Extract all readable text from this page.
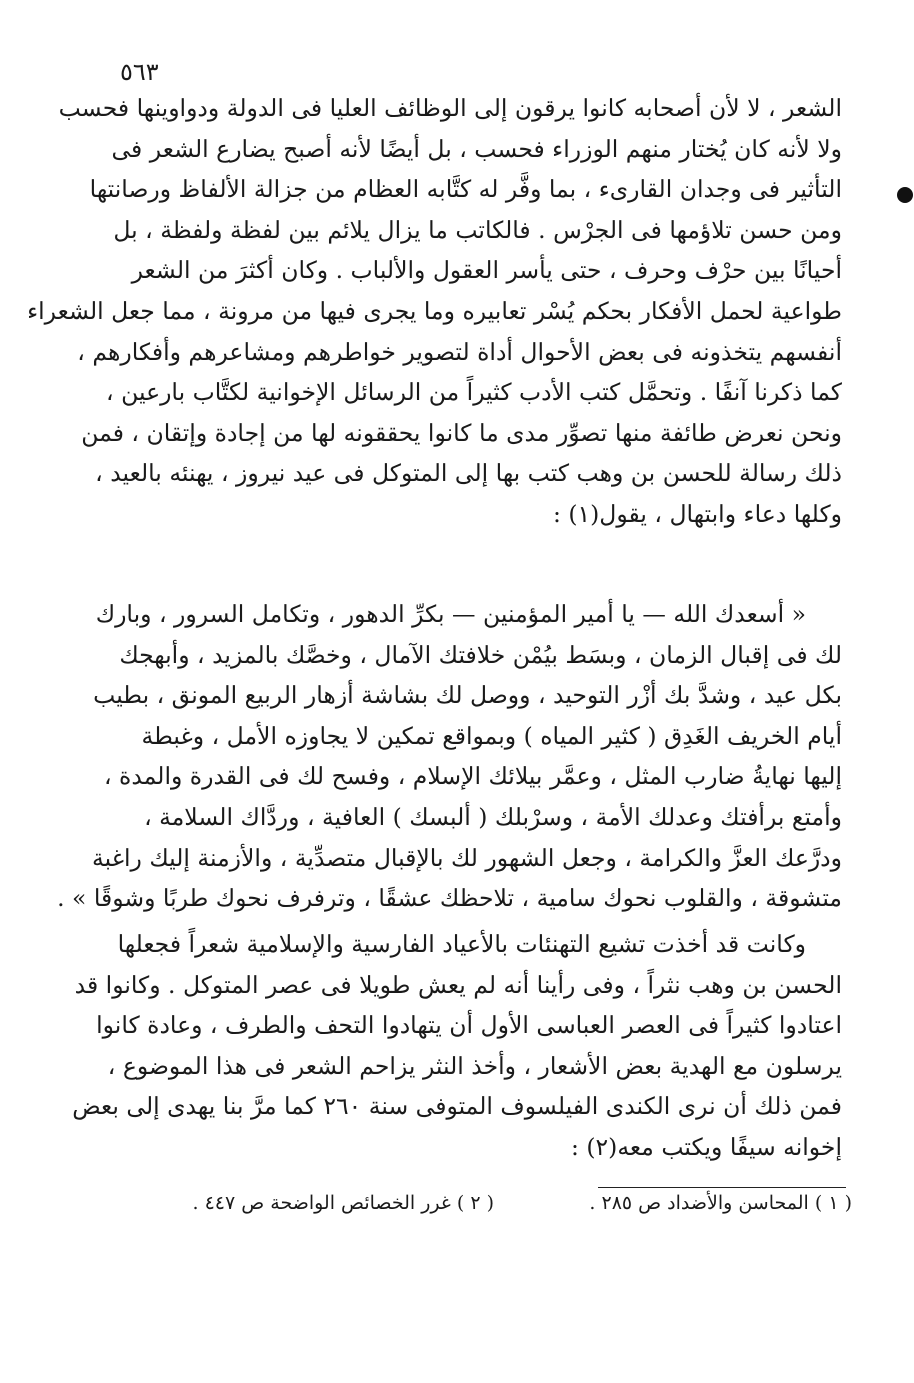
٥٦٣
الشعر ، لا لأن أصحابه كانوا يرقون إلى الوظائف العليا فى الدولة ودواوينها فحسب
ولا لأنه كان يُختار منهم الوزراء فحسب ، بل أيضًا لأنه أصبح يضارع الشعر فى
التأثير فى وجدان القارىء ، بما وفَّر له كتَّابه العظام من جزالة الألفاظ ورصانتها
ومن حسن تلاؤمها فى الجرْس . فالكاتب ما يزال يلائم بين لفظة ولفظة ، بل
أحيانًا بين حرْف وحرف ، حتى يأسر العقول والألباب . وكان أكثرَ من الشعر
طواعية لحمل الأفكار بحكم يُسْر تعابيره وما يجرى فيها من مرونة ، مما جعل الشعراء
أنفسهم يتخذونه فى بعض الأحوال أداة لتصوير خواطرهم ومشاعرهم وأفكارهم ،
كما ذكرنا آنفًا . وتحمَّل كتب الأدب كثيراً من الرسائل الإخوانية لكتَّاب بارعين ،
ونحن نعرض طائفة منها تصوِّر مدى ما كانوا يحققونه لها من إجادة وإتقان ، فمن
ذلك رسالة للحسن بن وهب كتب بها إلى المتوكل فى عيد نيروز ، يهنئه بالعيد ،
وكلها دعاء وابتهال ، يقول(١) :
« أسعدك الله — يا أمير المؤمنين — بكرِّ الدهور ، وتكامل السرور ، وبارك
لك فى إقبال الزمان ، وبسَط بيُمْن خلافتك الآمال ، وخصَّك بالمزيد ، وأبهجك
بكل عيد ، وشدَّ بك أزْر التوحيد ، ووصل لك بشاشة أزهار الربيع المونق ، بطيب
أيام الخريف الغَدِق ( كثير المياه ) وبمواقع تمكين لا يجاوزه الأمل ، وغبطة
إليها نهايةُ ضارب المثل ، وعمَّر بيلائك الإسلام ، وفسح لك فى القدرة والمدة ،
وأمتع برأفتك وعدلك الأمة ، وسرْبلك ( ألبسك ) العافية ، وردَّاك السلامة ،
ودرَّعك العزَّ والكرامة ، وجعل الشهور لك بالإقبال متصدِّية ، والأزمنة إليك راغبة
متشوقة ، والقلوب نحوك سامية ، تلاحظك عشقًا ، وترفرف نحوك طربًا وشوقًا » .
وكانت قد أخذت تشيع التهنئات بالأعياد الفارسية والإسلامية شعراً فجعلها
الحسن بن وهب نثراً ، وفى رأينا أنه لم يعش طويلا فى عصر المتوكل . وكانوا قد
اعتادوا كثيراً فى العصر العباسى الأول أن يتهادوا التحف والطرف ، وعادة كانوا
يرسلون مع الهدية بعض الأشعار ، وأخذ النثر يزاحم الشعر فى هذا الموضوع ،
فمن ذلك أن نرى الكندى الفيلسوف المتوفى سنة ٢٦٠ كما مرَّ بنا يهدى إلى بعض
إخوانه سيفًا ويكتب معه(٢) :
( ١ ) المحاسن والأضداد ص ٢٨٥ .
( ٢ ) غرر الخصائص الواضحة ص ٤٤٧ .
